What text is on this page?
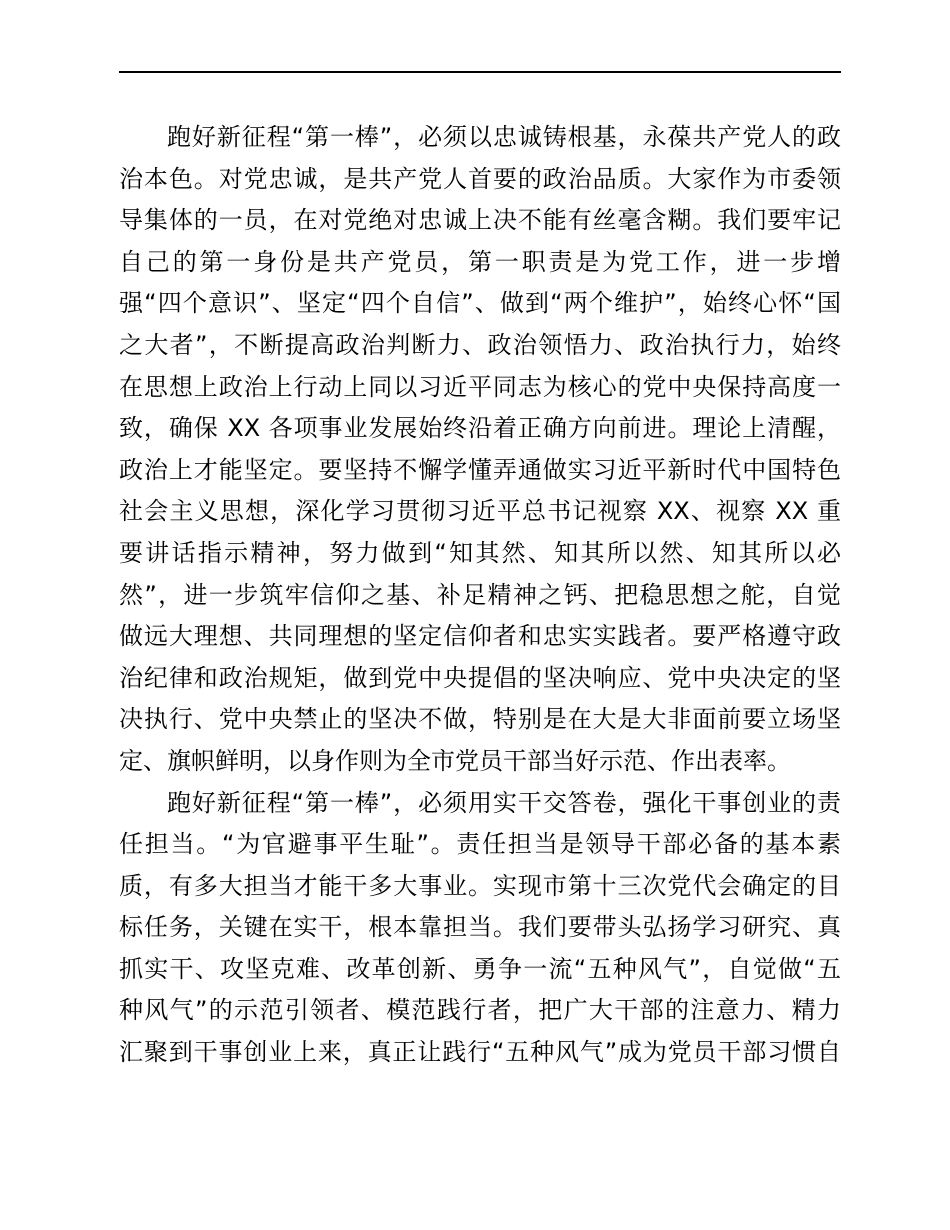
跑好新征程“第一棒”，必须以忠诚铸根基，永葆共产党人的政
治本色。对党忠诚，是共产党人首要的政治品质。大家作为市委领
导集体的一员，在对党绝对忠诚上决不能有丝毫含糊。我们要牢记
自己的第一身份是共产党员，第一职责是为党工作，进一步增
强“四个意识”、坚定“四个自信”、做到“两个维护”，始终心怀“国
之大者”，不断提高政治判断力、政治领悟力、政治执行力，始终
在思想上政治上行动上同以习近平同志为核心的党中央保持高度一
致，确保 XX 各项事业发展始终沿着正确方向前进。理论上清醒，
政治上才能坚定。要坚持不懈学懂弄通做实习近平新时代中国特色
社会主义思想，深化学习贯彻习近平总书记视察 XX、视察 XX 重
要讲话指示精神，努力做到“知其然、知其所以然、知其所以必
然”，进一步筑牢信仰之基、补足精神之钙、把稳思想之舵，自觉
做远大理想、共同理想的坚定信仰者和忠实实践者。要严格遵守政
治纪律和政治规矩，做到党中央提倡的坚决响应、党中央决定的坚
决执行、党中央禁止的坚决不做，特别是在大是大非面前要立场坚
定、旗帜鲜明，以身作则为全市党员干部当好示范、作出表率。
跑好新征程“第一棒”，必须用实干交答卷，强化干事创业的责
任担当。“为官避事平生耻”。责任担当是领导干部必备的基本素
质，有多大担当才能干多大事业。实现市第十三次党代会确定的目
标任务，关键在实干，根本靠担当。我们要带头弘扬学习研究、真
抓实干、攻坚克难、改革创新、勇争一流“五种风气”，自觉做“五
种风气”的示范引领者、模范践行者，把广大干部的注意力、精力
汇聚到干事创业上来，真正让践行“五种风气”成为党员干部习惯自
